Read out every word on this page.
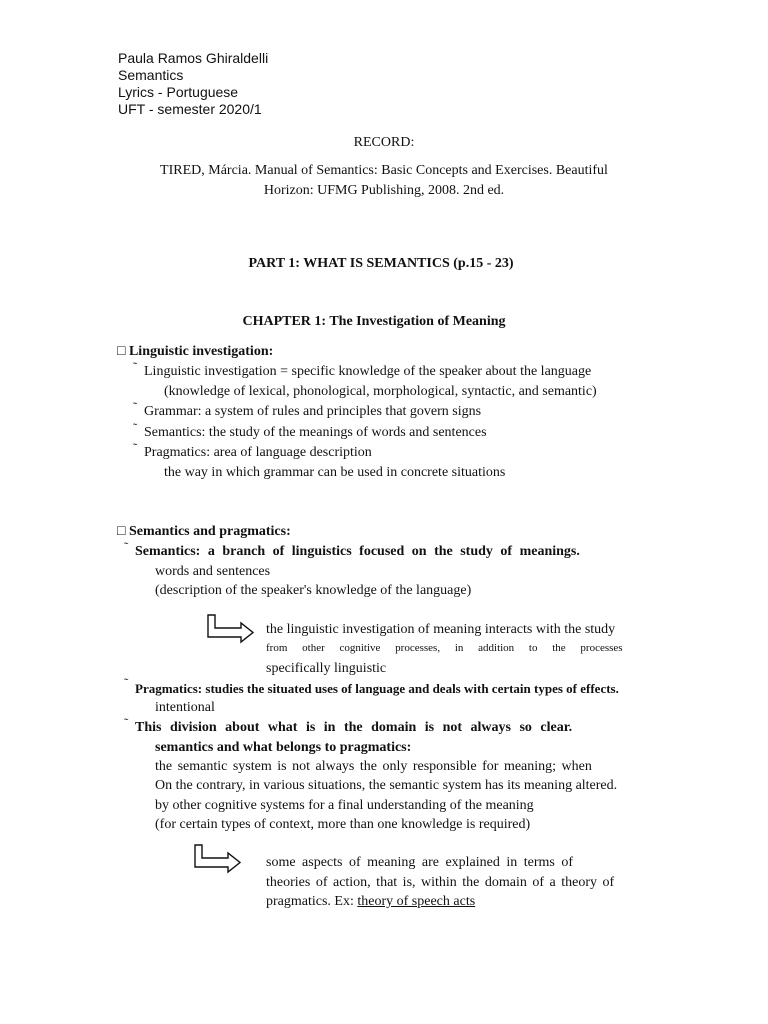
Paula Ramos Ghiraldelli
Semantics
Lyrics - Portuguese
UFT - semester 2020/1
RECORD:
TIRED, Márcia. Manual of Semantics: Basic Concepts and Exercises. Beautiful
Horizon: UFMG Publishing, 2008. 2nd ed.
PART 1: WHAT IS SEMANTICS (p.15 - 23)
CHAPTER 1: The Investigation of Meaning
□ Linguistic investigation:
˜ Linguistic investigation = specific knowledge of the speaker about the language
(knowledge of lexical, phonological, morphological, syntactic, and semantic)
˜ Grammar: a system of rules and principles that govern signs
˜ Semantics: the study of the meanings of words and sentences
˜ Pragmatics: area of language description
the way in which grammar can be used in concrete situations
□ Semantics and pragmatics:
˜ Semantics: a branch of linguistics focused on the study of meanings.
words and sentences
(description of the speaker's knowledge of the language)
the linguistic investigation of meaning interacts with the study
from other cognitive processes, in addition to the processes
specifically linguistic
˜ Pragmatics: studies the situated uses of language and deals with certain types of effects.
intentional
˜ This division about what is in the domain is not always so clear.
semantics and what belongs to pragmatics:
the semantic system is not always the only responsible for meaning; when
On the contrary, in various situations, the semantic system has its meaning altered.
by other cognitive systems for a final understanding of the meaning
(for certain types of context, more than one knowledge is required)
some aspects of meaning are explained in terms of
theories of action, that is, within the domain of a theory of
pragmatics. Ex: theory of speech acts
